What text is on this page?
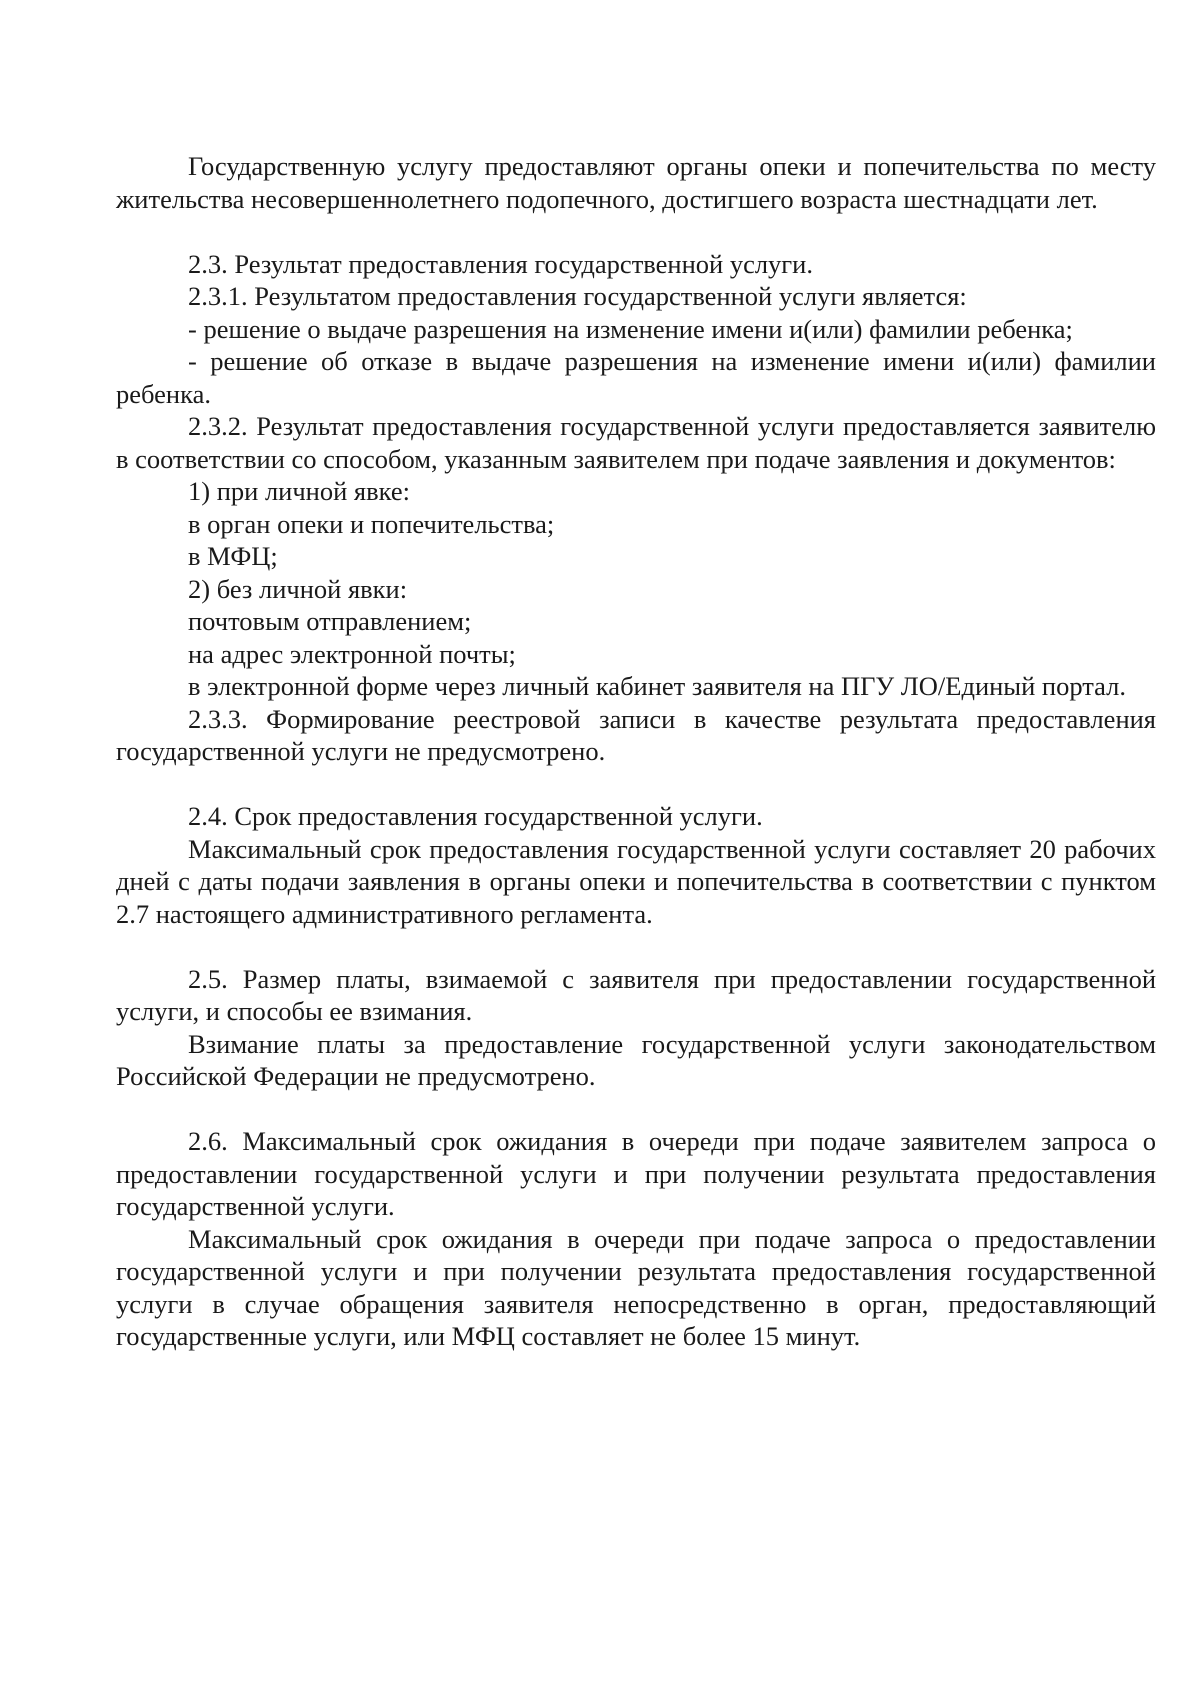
Государственную услугу предоставляют органы опеки и попечительства по месту жительства несовершеннолетнего подопечного, достигшего возраста шестнадцати лет.

2.3. Результат предоставления государственной услуги.

2.3.1. Результатом предоставления государственной услуги является:

- решение о выдаче разрешения на изменение имени и(или) фамилии ребенка;

- решение об отказе в выдаче разрешения на изменение имени и(или) фамилии ребенка.

2.3.2. Результат предоставления государственной услуги предоставляется заявителю в соответствии со способом, указанным заявителем при подаче заявления и документов:

1) при личной явке:

в орган опеки и попечительства;

в МФЦ;

2) без личной явки:

почтовым отправлением;

на адрес электронной почты;

в электронной форме через личный кабинет заявителя на ПГУ ЛО/Единый портал.

2.3.3. Формирование реестровой записи в качестве результата предоставления государственной услуги не предусмотрено.

2.4. Срок предоставления государственной услуги.

Максимальный срок предоставления государственной услуги составляет 20 рабочих дней с даты подачи заявления в органы опеки и попечительства в соответствии с пунктом 2.7 настоящего административного регламента.

2.5. Размер платы, взимаемой с заявителя при предоставлении государственной услуги, и способы ее взимания.

Взимание платы за предоставление государственной услуги законодательством Российской Федерации не предусмотрено.

2.6. Максимальный срок ожидания в очереди при подаче заявителем запроса о предоставлении государственной услуги и при получении результата предоставления государственной услуги.

Максимальный срок ожидания в очереди при подаче запроса о предоставлении государственной услуги и при получении результата предоставления государственной услуги в случае обращения заявителя непосредственно в орган, предоставляющий государственные услуги, или МФЦ составляет не более 15 минут.
